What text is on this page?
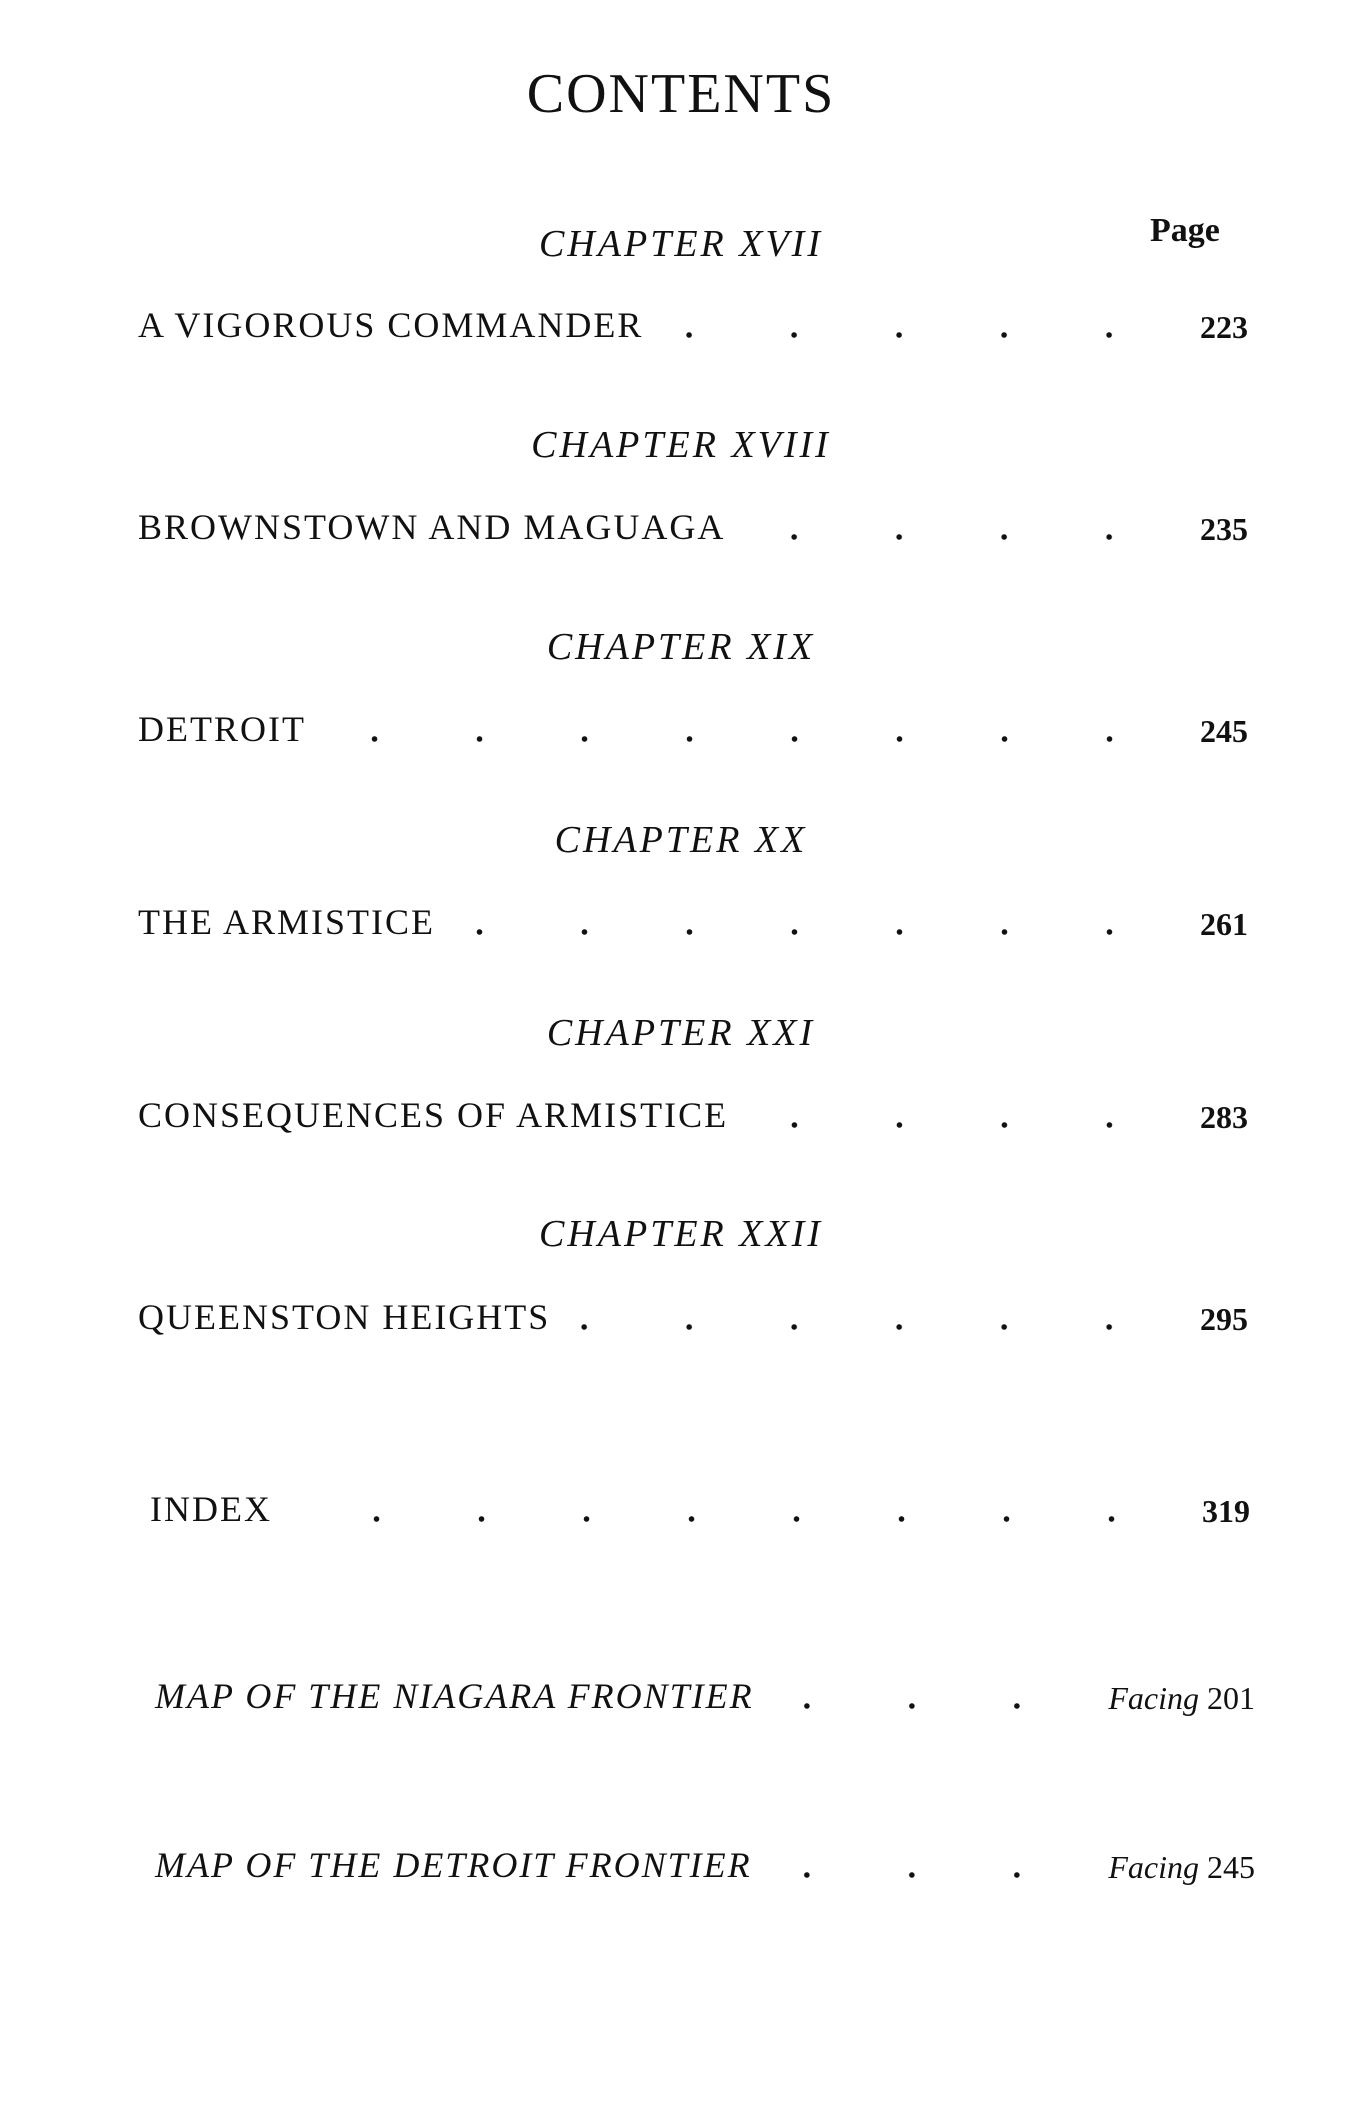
CONTENTS
Page
CHAPTER XVII
A VIGOROUS COMMANDER	223
CHAPTER XVIII
BROWNSTOWN AND MAGUAGA	235
CHAPTER XIX
DETROIT	245
CHAPTER XX
THE ARMISTICE	261
CHAPTER XXI
CONSEQUENCES OF ARMISTICE	283
CHAPTER XXII
QUEENSTON HEIGHTS	295
INDEX	319
MAP OF THE NIAGARA FRONTIER	Facing 201
MAP OF THE DETROIT FRONTIER	Facing 245
